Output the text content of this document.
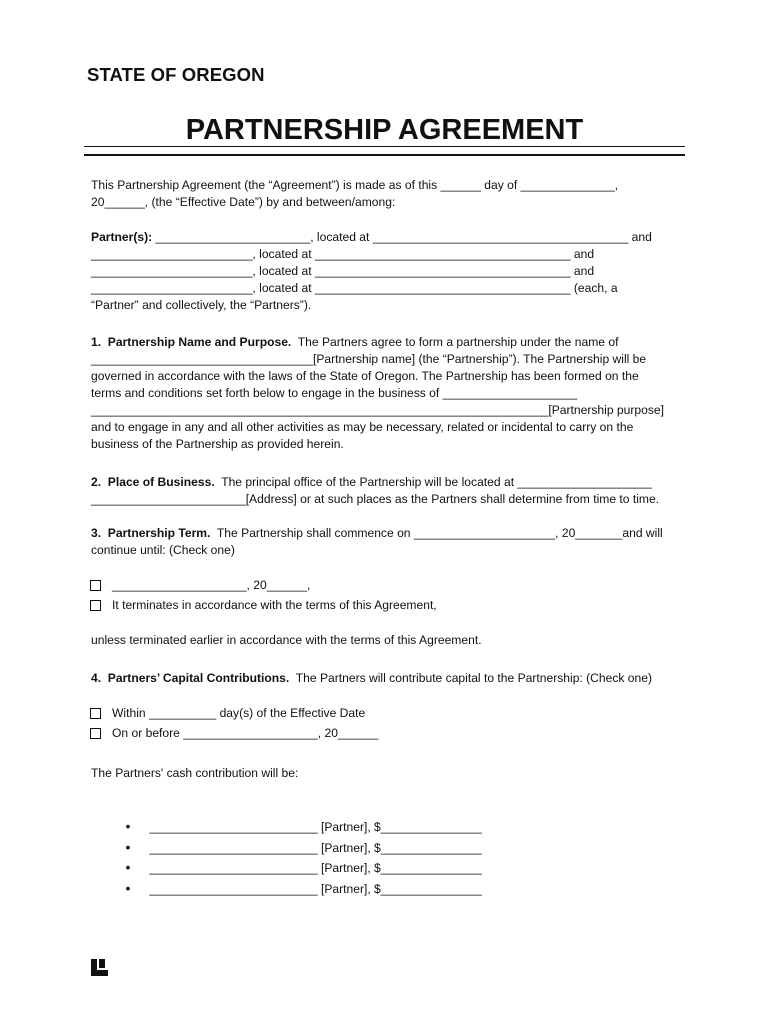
STATE OF OREGON
PARTNERSHIP AGREEMENT
This Partnership Agreement (the “Agreement”) is made as of this ______ day of ______________,
20______, (the “Effective Date”) by and between/among:
Partner(s): _______________________, located at ______________________________________ and
________________________, located at ______________________________________ and
________________________, located at ______________________________________ and
________________________, located at ______________________________________ (each, a
“Partner” and collectively, the “Partners”).
1.  Partnership Name and Purpose.  The Partners agree to form a partnership under the name of
_________________________________[Partnership name] (the “Partnership”). The Partnership will be
governed in accordance with the laws of the State of Oregon. The Partnership has been formed on the
terms and conditions set forth below to engage in the business of ____________________
____________________________________________________________________[Partnership purpose]
and to engage in any and all other activities as may be necessary, related or incidental to carry on the
business of the Partnership as provided herein.
2.  Place of Business.  The principal office of the Partnership will be located at ____________________
_______________________[Address] or at such places as the Partners shall determine from time to time.
3.  Partnership Term.  The Partnership shall commence on _____________________, 20_______and will
continue until: (Check one)
____________________, 20______,
It terminates in accordance with the terms of this Agreement,
unless terminated earlier in accordance with the terms of this Agreement.
4.  Partners’ Capital Contributions.  The Partners will contribute capital to the Partnership: (Check one)
Within __________ day(s) of the Effective Date
On or before ____________________, 20______
The Partners' cash contribution will be:

• _________________________ [Partner], $_______________

• _________________________ [Partner], $_______________

• _________________________ [Partner], $_______________

• _________________________ [Partner], $_______________
